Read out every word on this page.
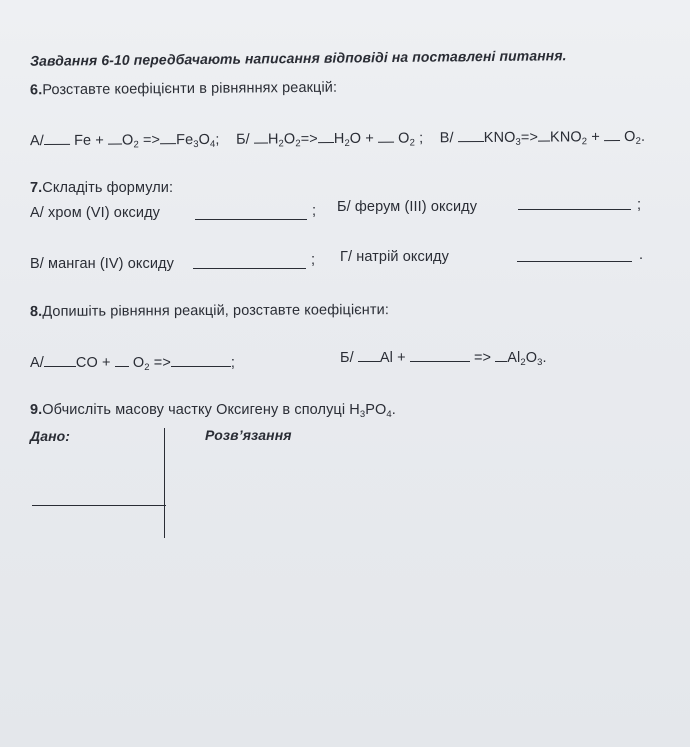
Завдання 6-10 передбачають написання відповіді на поставлені питання.
6.Розставте коефіцієнти в рівняннях реакцій:
А/ $Fe + O_2 => Fe_3O_4$; Б/ $H_2O_2=> H_2O + O_2$ ; В/ $KNO_3=> KNO_2 + O_2$.
7.Складіть формули:
А/ хром (VI) оксиду	; Б/ ферум (III) оксиду	;
В/ манган (IV) оксиду	; Г/ натрій оксиду	.
8.Допишіть рівняння реакцій, розставте коефіцієнти:
А/ CO + $O_2$ =>	;	Б/ Al +	=> $Al_2O_3$.
9.Обчисліть масову частку Оксигену в сполуці $H_3PO_4$.
Дано:	Розв’язання
